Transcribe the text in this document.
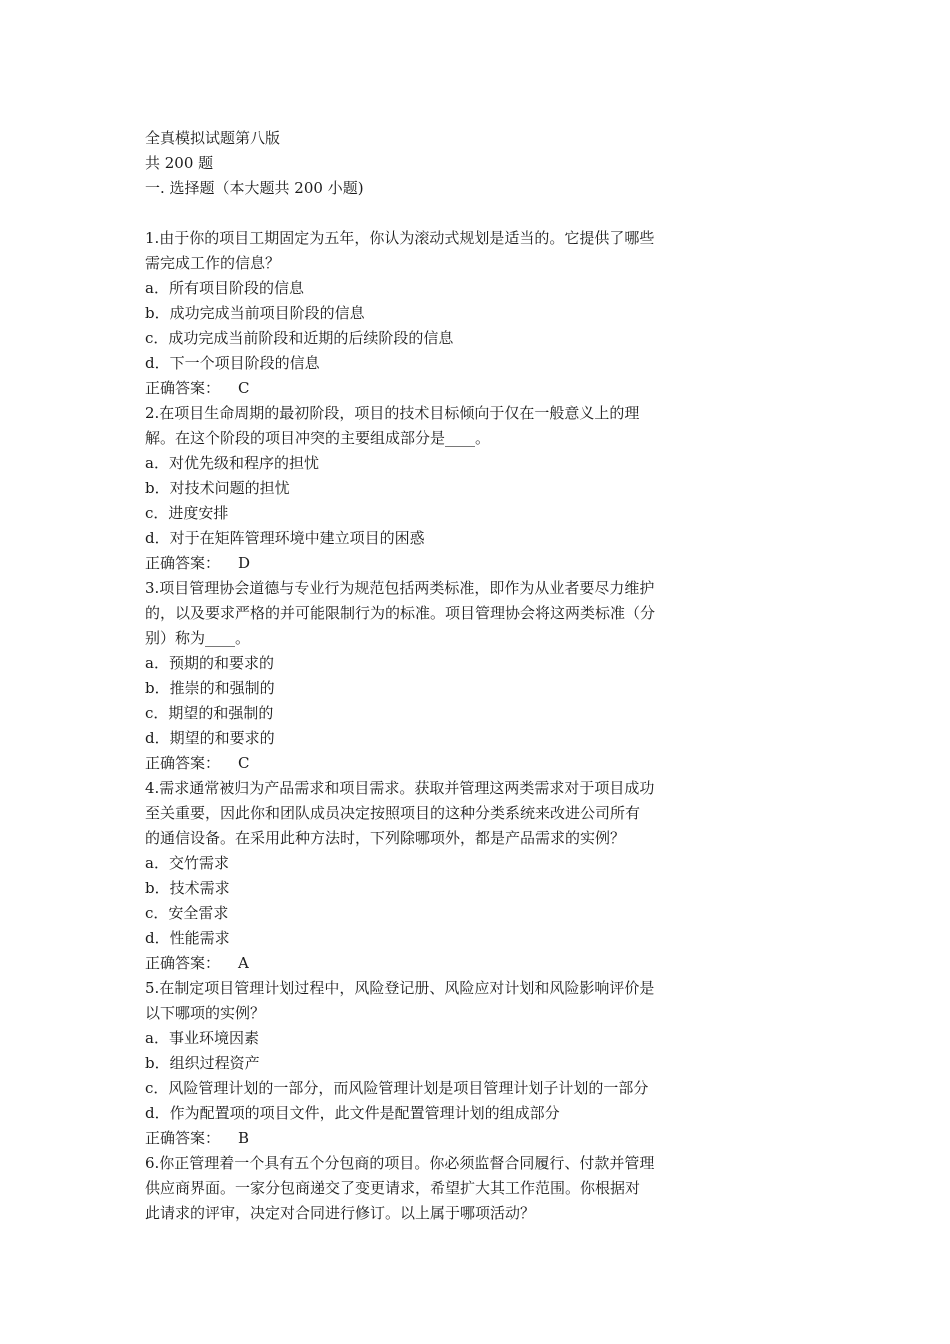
全真模拟试题第八版

共 200 题

一. 选择题（本大题共 200 小题)

1.由于你的项目工期固定为五年，你认为滚动式规划是适当的。它提供了哪些

需完成工作的信息？

a．所有项目阶段的信息

b．成功完成当前项目阶段的信息

c．成功完成当前阶段和近期的后续阶段的信息

d．下一个项目阶段的信息

正确答案： C

2.在项目生命周期的最初阶段，项目的技术目标倾向于仅在一般意义上的理

解。在这个阶段的项目冲突的主要组成部分是____。

a．对优先级和程序的担忧

b．对技术问题的担忧

c．进度安排

d．对于在矩阵管理环境中建立项目的困惑

正确答案： D

3.项目管理协会道德与专业行为规范包括两类标准，即作为从业者要尽力维护

的，以及要求严格的并可能限制行为的标准。项目管理协会将这两类标准（分

别）称为____。

a．预期的和要求的

b．推崇的和强制的

c．期望的和强制的

d．期望的和要求的

正确答案： C

4.需求通常被归为产品需求和项目需求。获取并管理这两类需求对于项目成功

至关重要，因此你和团队成员决定按照项目的这种分类系统来改进公司所有

的通信设备。在采用此种方法时，下列除哪项外，都是产品需求的实例？

a．交竹需求

b．技术需求

c．安全雷求

d．性能需求

正确答案： A

5.在制定项目管理计划过程中，风险登记册、风险应对计划和风险影响评价是

以下哪项的实例？

a．事业环境因素

b．组织过程资产

c．风险管理计划的一部分，而风险管理计划是项目管理计划子计划的一部分

d．作为配置项的项目文件，此文件是配置管理计划的组成部分

正确答案： B

6.你正管理着一个具有五个分包商的项目。你必须监督合同履行、付款并管理

供应商界面。一家分包商递交了变更请求，希望扩大其工作范围。你根据对

此请求的评审，决定对合同进行修订。以上属于哪项活动？
